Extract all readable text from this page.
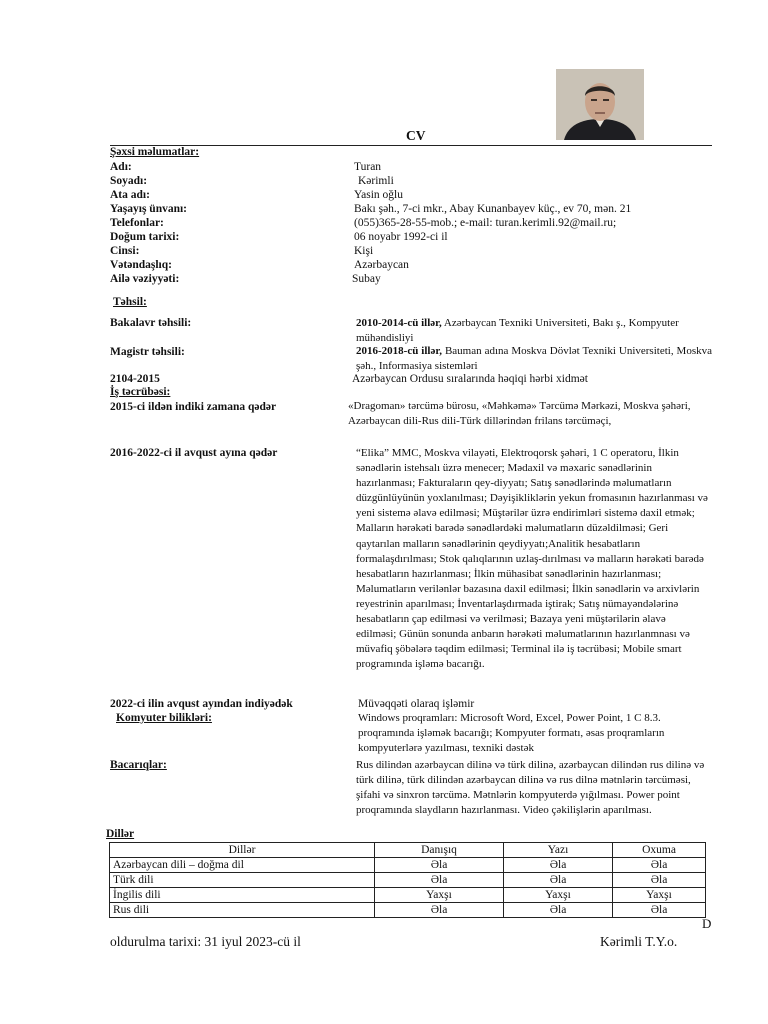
CV
Şəxsi məlumatlar:
Adı:	Turan
Soyadı:	Kərimli
Ata adı:	Yasin oğlu
Yaşayış ünvanı:	Bakı şəh., 7-ci mkr., Abay Kunanbayev küç., ev 70, mən. 21
Telefonlar:	(055)365-28-55-mob.; e-mail: turan.kerimli.92@mail.ru;
Doğum tarixi:	06 noyabr 1992-ci il
Cinsi:	Kişi
Vətəndaşlıq:	Azərbaycan
Ailə vəziyyəti:	Subay
Təhsil:
Bakalavr təhsili:	2010-2014-cü illər, Azərbaycan Texniki Universiteti, Bakı ş., Kompyuter mühəndisliyi
Magistr təhsili:	2016-2018-cü illər, Bauman adına Moskva Dövlət Texniki Universiteti, Moskva şəh., Informasiya sistemləri
2104-2015	Azərbaycan Ordusu sıralarında həqiqi hərbi xidmət
İş təcrübəsi:
2015-ci ildən indiki zamana qədər	«Dragoman» tərcümə bürosu, «Məhkəmə» Tərcümə Mərkəzi, Moskva şəhəri, Azərbaycan dili-Rus dili-Türk dillərindən frilans tərcüməçi,
2016-2022-ci il avqust ayına qədər	“Elika” MMC, Moskva vilayəti, Elektroqorsk şəhəri, 1 C operatoru, İlkin sənədlərin istehsalı üzrə menecer; Mədaxil və məxaric sənədlərinin hazırlanması; Fakturaların qey-diyyatı; Satış sənədlərində məlumatların düzgünlüyünün yoxlanılması; Dəyişikliklərin yekun fromasının hazırlanması və yeni sistemə əlavə edilməsi; Müştərilər üzrə endirimləri sistemə daxil etmək; Malların hərəkəti barədə sənədlərdəki məlumatların düzəldilməsi; Geri qaytarılan malların sənədlərinin qeydiyyatı;Analitik hesabatların formalaşdırılması; Stok qalıqlarının uzlaş-dırılması və malların hərəkəti barədə hesabatların hazırlanması; İlkin mühasibat sənədlərinin hazırlanması; Məlumatların verilənlər bazasına daxil edilməsi; İlkin sənədlərin və arxivlərin reyestrinin aparılması; İnventarlaşdırmada iştirak; Satış nümayəndələrinə hesabatların çap edilməsi və verilməsi; Bazaya yeni müştərilərin əlavə edilməsi; Günün sonunda anbarın hərəkəti məlumatlarının hazırlanmnası və müvafiq şöbələrə təqdim edilməsi; Terminal ilə iş təcrübəsi; Mobile smart programında işləmə bacarığı.
2022-ci ilin avqust ayından indiyədək	Müvəqqəti olaraq işləmir
Komyuter bilikləri:	Windows proqramları: Microsoft Word, Excel, Power Point, 1 C 8.3. proqramında işləmək bacarığı; Kompyuter formatı, əsas proqramların kompyuterlərə yazılması, texniki dəstək
Bacarıqlar:	Rus dilindən azərbaycan dilinə və türk dilinə, azərbaycan dilindən rus dilinə və türk dilinə, türk dilindən azərbaycan dilinə və rus dilnə mətnlərin tərcüməsi, şifahi və sinxron tərcümə. Mətnlərin kompyuterdə yığılması. Power point proqramında slaydların hazırlanması. Video çəkilişlərin aparılması.
Dillər
Dillər	Danışıq	Yazı	Oxuma
Azərbaycan dili – doğma dil	Əla	Əla	Əla
Türk dili	Əla	Əla	Əla
İngilis dili	Yaxşı	Yaxşı	Yaxşı
Rus dili	Əla	Əla	Əla
D
oldurulma tarixi: 31 iyul 2023-cü il	Kərimli T.Y.o.
